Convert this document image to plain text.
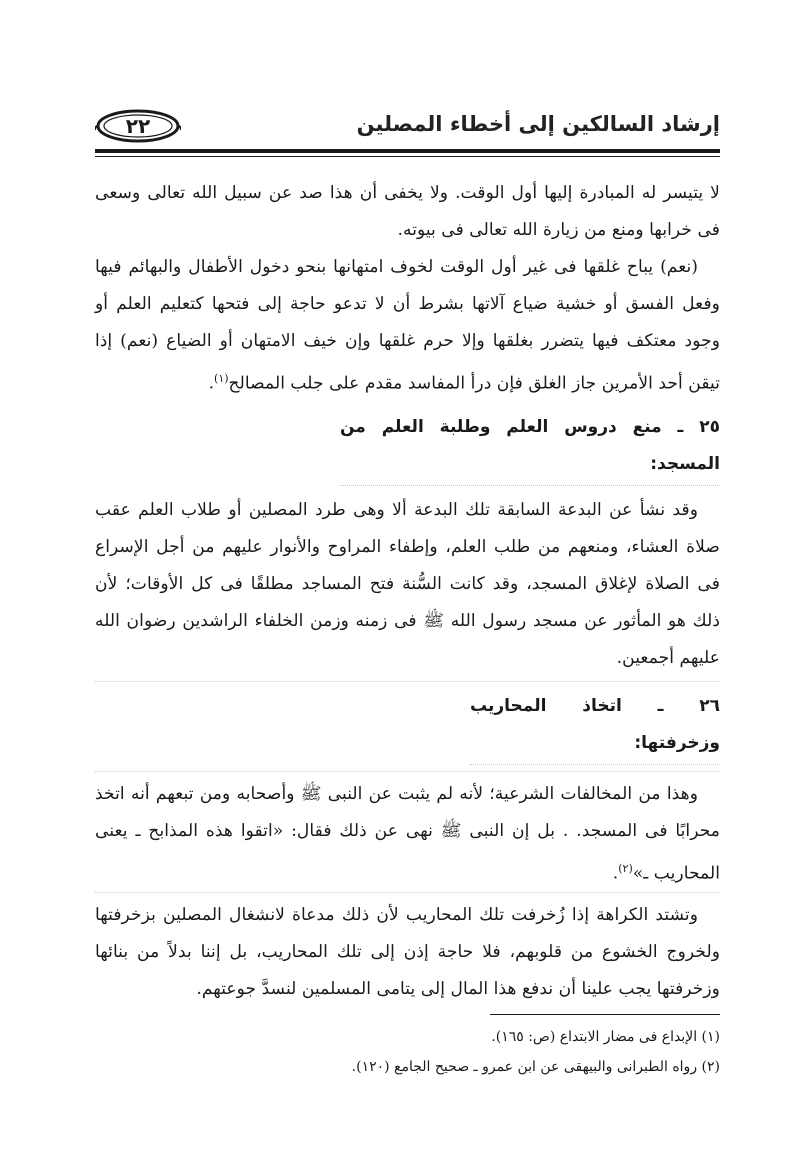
٢٢	إرشاد السالكين إلى أخطاء المصلين

لا يتيسر له المبادرة إليها أول الوقت. ولا يخفى أن هذا صد عن سبيل الله تعالى وسعى فى خرابها ومنع من زيارة الله تعالى فى بيوته.

(نعم) يباح غلقها فى غير أول الوقت لخوف امتهانها بنحو دخول الأطفال والبهائم فيها وفعل الفسق أو خشية ضياع آلاتها بشرط أن لا تدعو حاجة إلى فتحها كتعليم العلم أو وجود معتكف فيها يتضرر بغلقها وإلا حرم غلقها وإن خيف الامتهان أو الضياع (نعم) إذا تيقن أحد الأمرين جاز الغلق فإن درأ المفاسد مقدم على جلب المصالح$^{(١)}$.

٢٥ ـ منع دروس العلم وطلبة العلم من المسجد:

وقد نشأ عن البدعة السابقة تلك البدعة ألا وهى طرد المصلين أو طلاب العلم عقب صلاة العشاء، ومنعهم من طلب العلم، وإطفاء المراوح والأنوار عليهم من أجل الإسراع فى الصلاة لإغلاق المسجد، وقد كانت السُّنة فتح المساجد مطلقًا فى كل الأوقات؛ لأن ذلك هو المأثور عن مسجد رسول الله ﷺ فى زمنه وزمن الخلفاء الراشدين رضوان الله عليهم أجمعين.

٢٦ ـ اتخاذ المحاريب وزخرفتها:

وهذا من المخالفات الشرعية؛ لأنه لم يثبت عن النبى ﷺ وأصحابه ومن تبعهم أنه اتخذ محرابًا فى المسجد. . بل إن النبى ﷺ نهى عن ذلك فقال: «اتقوا هذه المذابح ـ يعنى المحاريب ـ»$^{(٢)}$.

وتشتد الكراهة إذا زُخرفت تلك المحاريب لأن ذلك مدعاة لانشغال المصلين بزخرفتها ولخروج الخشوع من قلوبهم، فلا حاجة إذن إلى تلك المحاريب، بل إننا بدلاً من بنائها وزخرفتها يجب علينا أن ندفع هذا المال إلى يتامى المسلمين لنسدَّ جوعتهم.

(١) الإبداع فى مضار الابتداع (ص: ١٦٥).

(٢) رواه الطبرانى والبيهقى عن ابن عمرو ـ صحيح الجامع (١٢٠).
